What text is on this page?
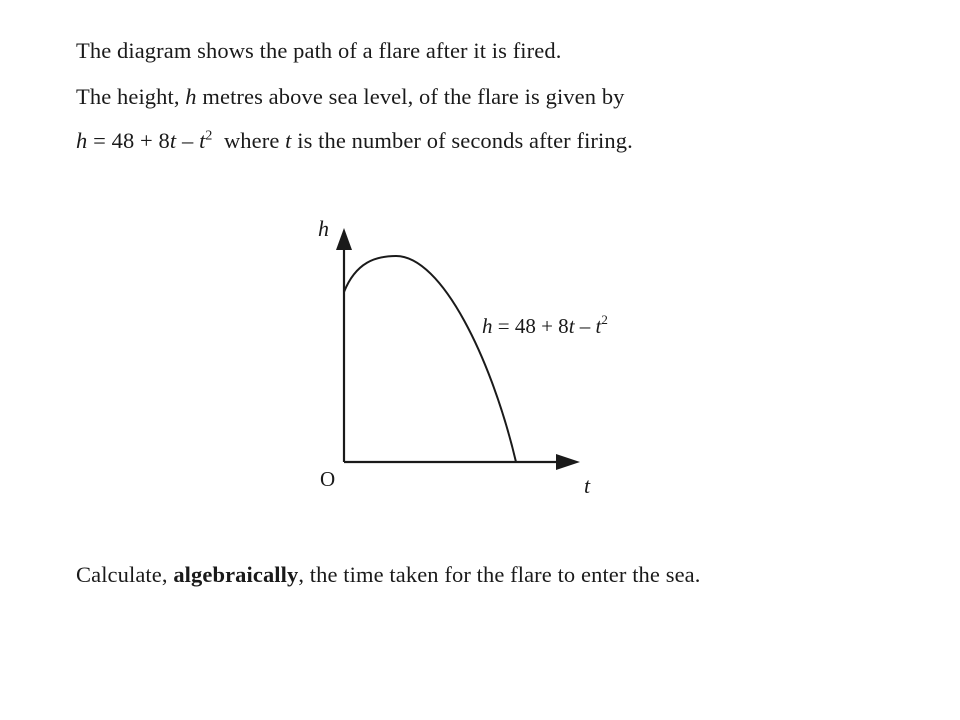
The diagram shows the path of a flare after it is fired.
The height, h metres above sea level, of the flare is given by
$h = 48 + 8t - t^2$  where t is the number of seconds after firing.
h
t
O
$h = 48 + 8t - t^2$
Calculate, algebraically, the time taken for the flare to enter the sea.
